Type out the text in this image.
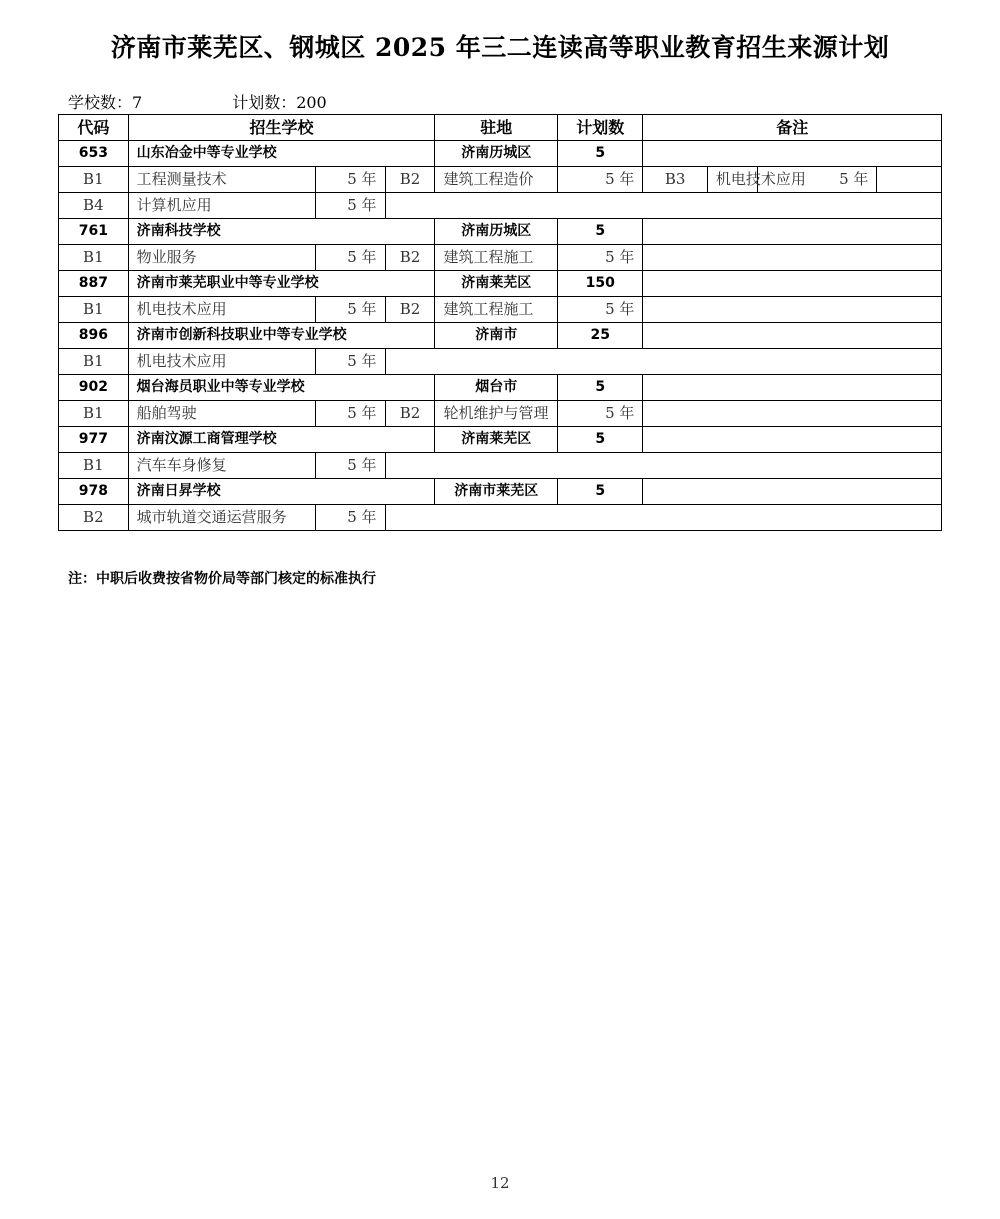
济南市莱芜区、钢城区 2025 年三二连读高等职业教育招生来源计划
学校数：7	计划数：200
代码	招生学校			驻地	计划数	备注			
653	山东冶金中等专业学校			济南历城区	5				
B1	工程测量技术	5 年	B2	建筑工程造价	5 年	B3	机电技术应用	5 年	
B4	计算机应用	5 年							
761	济南科技学校			济南历城区	5				
B1	物业服务	5 年	B2	建筑工程施工	5 年				
887	济南市莱芜职业中等专业学校			济南莱芜区	150				
B1	机电技术应用	5 年	B2	建筑工程施工	5 年				
896	济南市创新科技职业中等专业学校			济南市	25				
B1	机电技术应用	5 年							
902	烟台海员职业中等专业学校			烟台市	5				
B1	船舶驾驶	5 年	B2	轮机维护与管理	5 年				
977	济南汶源工商管理学校			济南莱芜区	5				
B1	汽车车身修复	5 年							
978	济南日昇学校			济南市莱芜区	5				
B2	城市轨道交通运营服务	5 年							
注：中职后收费按省物价局等部门核定的标准执行
12
